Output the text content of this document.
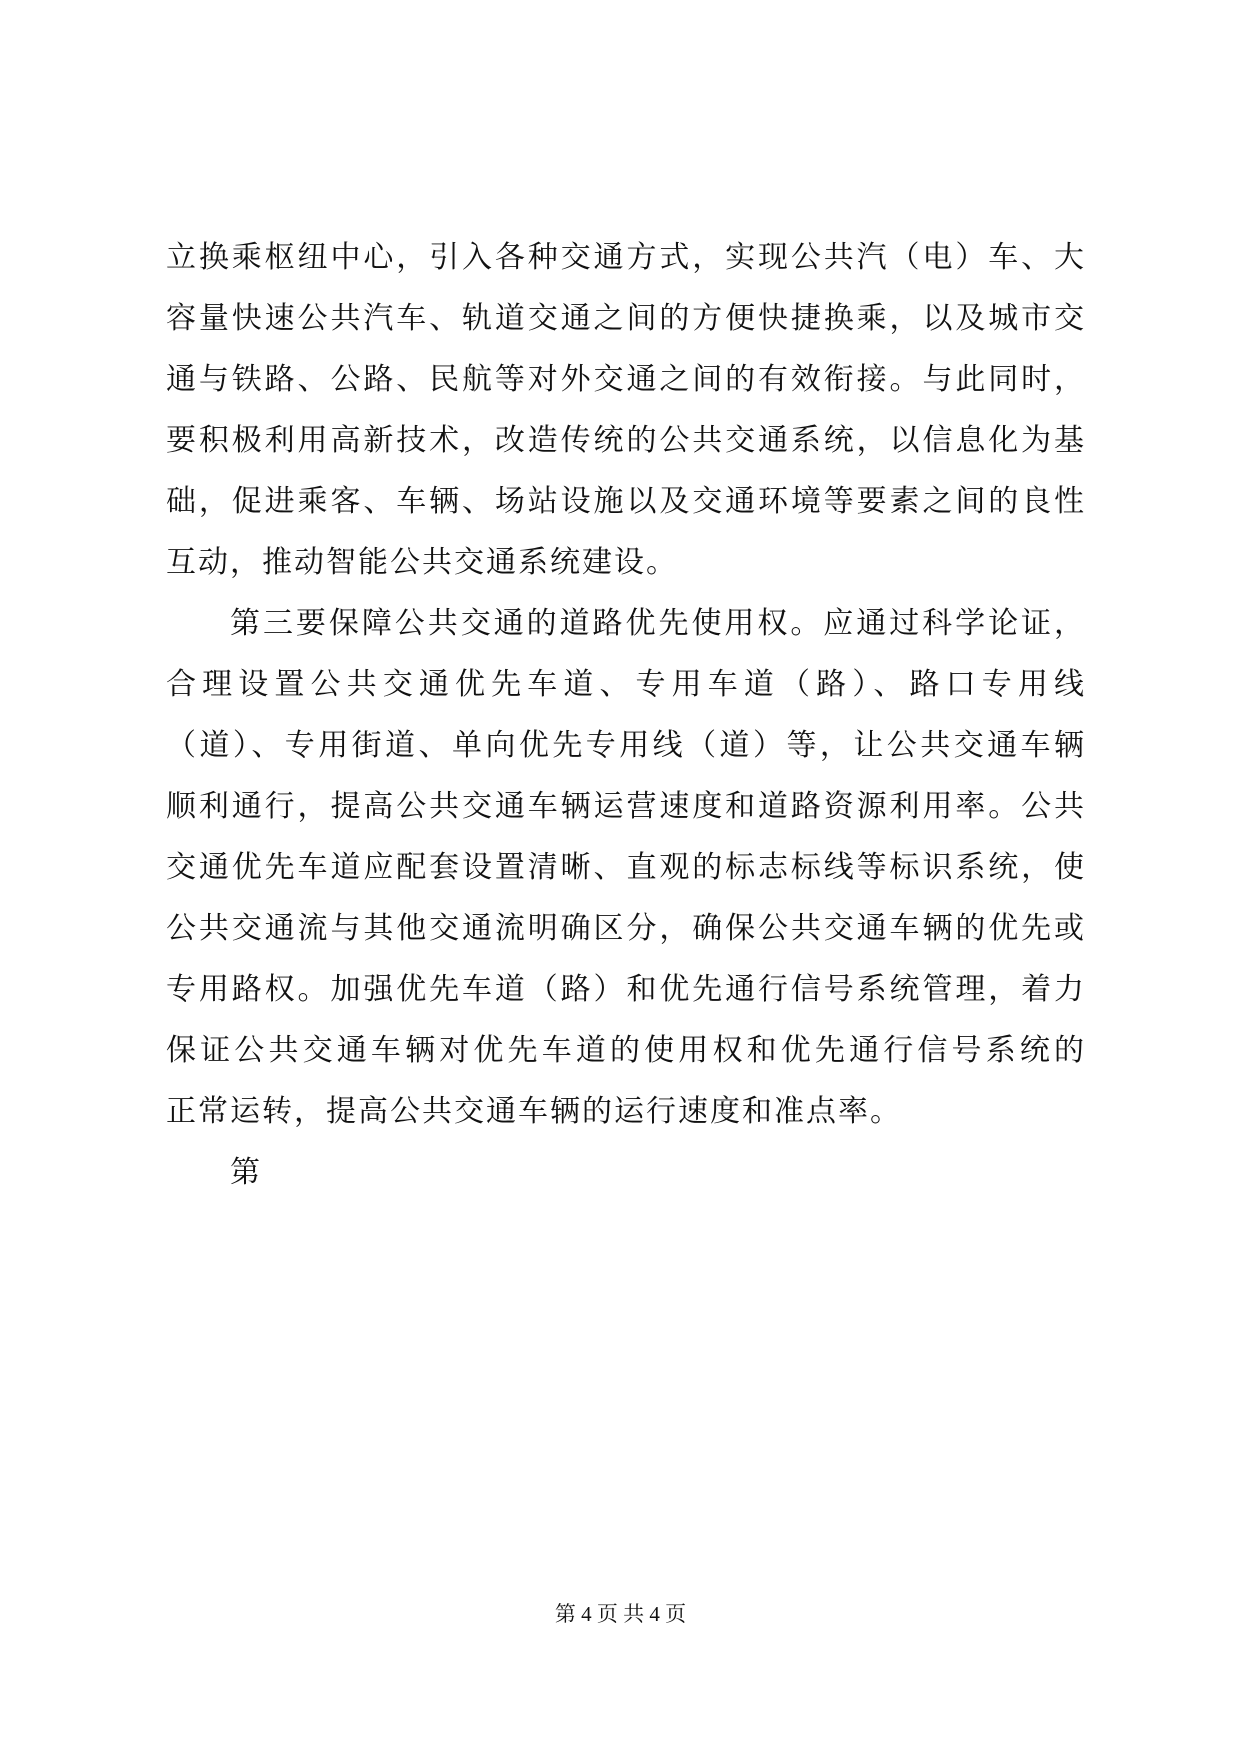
立换乘枢纽中心，引入各种交通方式，实现公共汽（电）车、大
容量快速公共汽车、轨道交通之间的方便快捷换乘，以及城市交
通与铁路、公路、民航等对外交通之间的有效衔接。与此同时，
要积极利用高新技术，改造传统的公共交通系统，以信息化为基
础，促进乘客、车辆、场站设施以及交通环境等要素之间的良性
互动，推动智能公共交通系统建设。
第三要保障公共交通的道路优先使用权。应通过科学论证，
合理设置公共交通优先车道、专用车道（路）、路口专用线
（道）、专用街道、单向优先专用线（道）等，让公共交通车辆
顺利通行，提高公共交通车辆运营速度和道路资源利用率。公共
交通优先车道应配套设置清晰、直观的标志标线等标识系统，使
公共交通流与其他交通流明确区分，确保公共交通车辆的优先或
专用路权。加强优先车道（路）和优先通行信号系统管理，着力
保证公共交通车辆对优先车道的使用权和优先通行信号系统的
正常运转，提高公共交通车辆的运行速度和准点率。
第
第 4 页 共 4 页
